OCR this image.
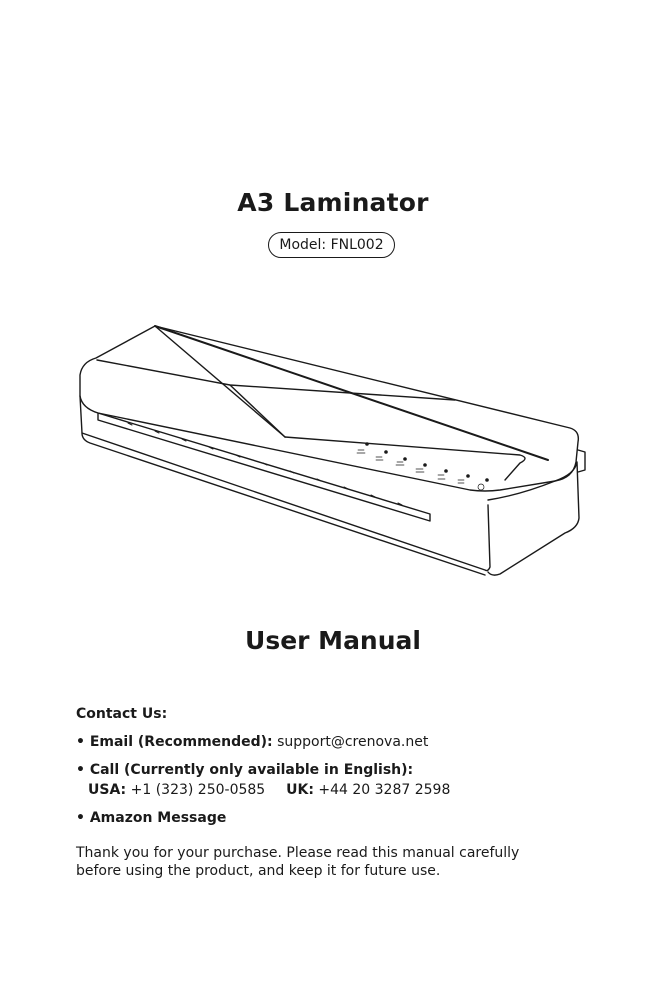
A3 Laminator
Model: FNL002
User Manual
Contact Us:
• Email (Recommended): support@crenova.net
• Call (Currently only available in English):
USA: +1 (323) 250-0585 UK: +44 20 3287 2598
• Amazon Message
Thank you for your purchase. Please read this manual carefully
before using the product, and keep it for future use.
